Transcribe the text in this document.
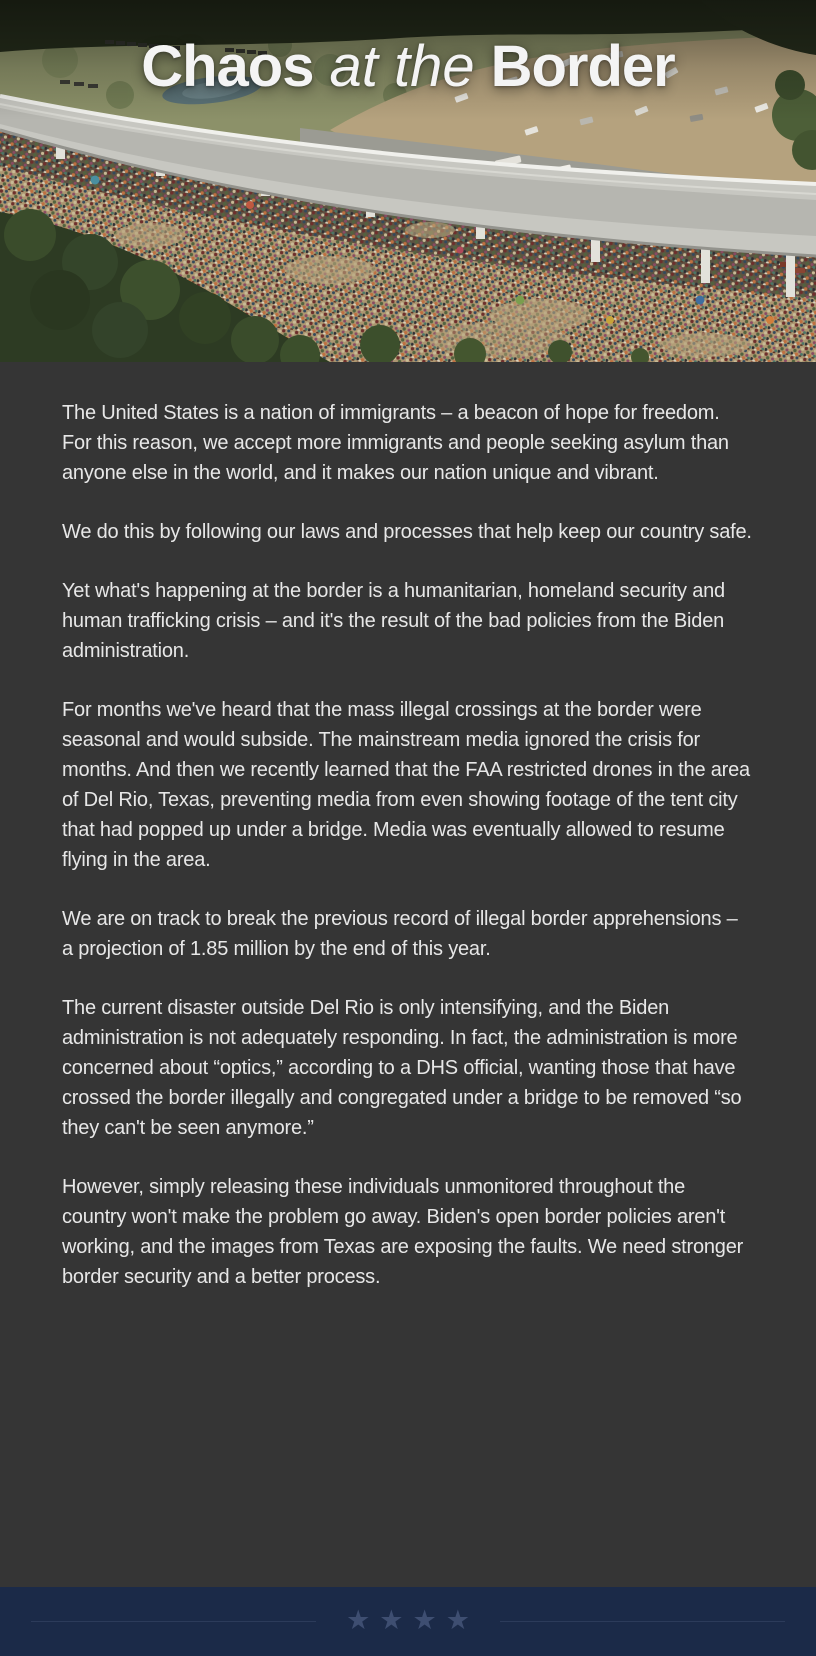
Chaos at the Border

The United States is a nation of immigrants – a beacon of hope for freedom. For this reason, we accept more immigrants and people seeking asylum than anyone else in the world, and it makes our nation unique and vibrant.

We do this by following our laws and processes that help keep our country safe.

Yet what's happening at the border is a humanitarian, homeland security and human trafficking crisis – and it's the result of the bad policies from the Biden administration.

For months we've heard that the mass illegal crossings at the border were seasonal and would subside. The mainstream media ignored the crisis for months. And then we recently learned that the FAA restricted drones in the area of Del Rio, Texas, preventing media from even showing footage of the tent city that had popped up under a bridge. Media was eventually allowed to resume flying in the area.

We are on track to break the previous record of illegal border apprehensions – a projection of 1.85 million by the end of this year.

The current disaster outside Del Rio is only intensifying, and the Biden administration is not adequately responding. In fact, the administration is more concerned about “optics,” according to a DHS official, wanting those that have crossed the border illegally and congregated under a bridge to be removed “so they can't be seen anymore.”

However, simply releasing these individuals unmonitored throughout the country won't make the problem go away. Biden's open border policies aren't working, and the images from Texas are exposing the faults. We need stronger border security and a better process.

★ ★ ★ ★
